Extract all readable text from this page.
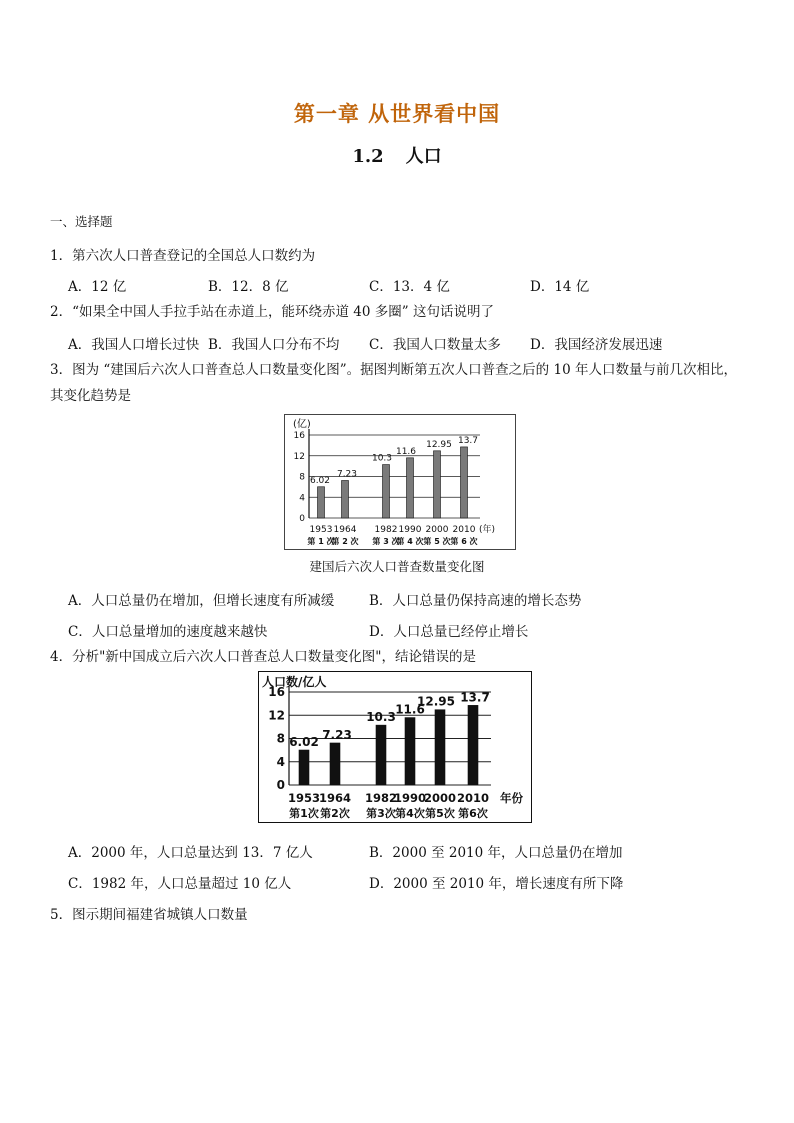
第一章 从世界看中国
1.2 人口
一、选择题
1．第六次人口普查登记的全国总人口数约为
A．12 亿	B．12．8 亿	C．13．4 亿	D．14 亿
2．“如果全中国人手拉手站在赤道上，能环绕赤道 40 多圈” 这句话说明了
A．我国人口增长过快 B．我国人口分布不均 C．我国人口数量太多 D．我国经济发展迅速
3．图为 “建国后六次人口普查总人口数量变化图”。据图判断第五次人口普查之后的 10 年人口数量与前几次相比，
其变化趋势是
0
4
8
12
16
(亿)
6.02
1953
第 1 次
7.23
1964
第 2 次
10.3
1982
第 3 次
11.6
1990
第 4 次
12.95
2000
第 5 次
13.7
2010
第 6 次
(年)
建国后六次人口普查数量变化图
A．人口总量仍在增加，但增长速度有所减缓	B．人口总量仍保持高速的增长态势
C．人口总量增加的速度越来越快	D．人口总量已经停止增长
4．分析"新中国成立后六次人口普查总人口数量变化图"，结论错误的是
0
4
8
12
16
人口数/亿人
6.02
1953
第1次
7.23
1964
第2次
10.3
1982
第3次
11.6
1990
第4次
12.95
2000
第5次
13.7
2010
第6次
年份
A．2000 年，人口总量达到 13．7 亿人	B．2000 至 2010 年，人口总量仍在增加
C．1982 年，人口总量超过 10 亿人	D．2000 至 2010 年，增长速度有所下降
5．图示期间福建省城镇人口数量
